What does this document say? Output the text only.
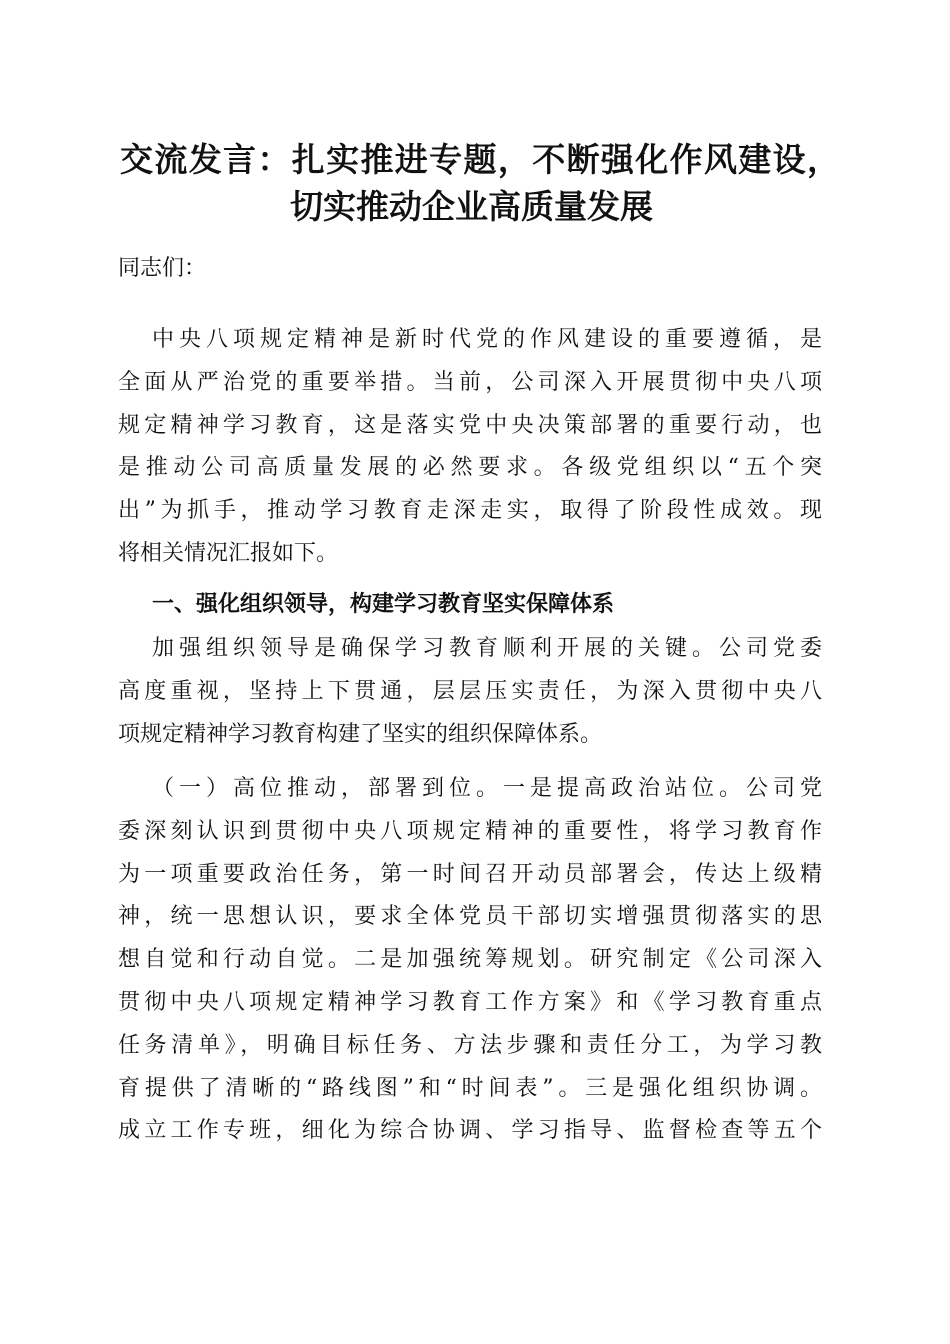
交流发言：扎实推进专题，不断强化作风建设，
切实推动企业高质量发展
同志们：
中央八项规定精神是新时代党的作风建设的重要遵循，是
全面从严治党的重要举措。当前，公司深入开展贯彻中央八项
规定精神学习教育，这是落实党中央决策部署的重要行动，也
是推动公司高质量发展的必然要求。各级党组织以“五个突
出”为抓手，推动学习教育走深走实，取得了阶段性成效。现
将相关情况汇报如下。
一、强化组织领导，构建学习教育坚实保障体系
加强组织领导是确保学习教育顺利开展的关键。公司党委
高度重视，坚持上下贯通，层层压实责任，为深入贯彻中央八
项规定精神学习教育构建了坚实的组织保障体系。
（一）高位推动，部署到位。一是提高政治站位。公司党
委深刻认识到贯彻中央八项规定精神的重要性，将学习教育作
为一项重要政治任务，第一时间召开动员部署会，传达上级精
神，统一思想认识，要求全体党员干部切实增强贯彻落实的思
想自觉和行动自觉。二是加强统筹规划。研究制定《公司深入
贯彻中央八项规定精神学习教育工作方案》和《学习教育重点
任务清单》，明确目标任务、方法步骤和责任分工，为学习教
育提供了清晰的“路线图”和“时间表”。三是强化组织协调。
成立工作专班，细化为综合协调、学习指导、监督检查等五个
